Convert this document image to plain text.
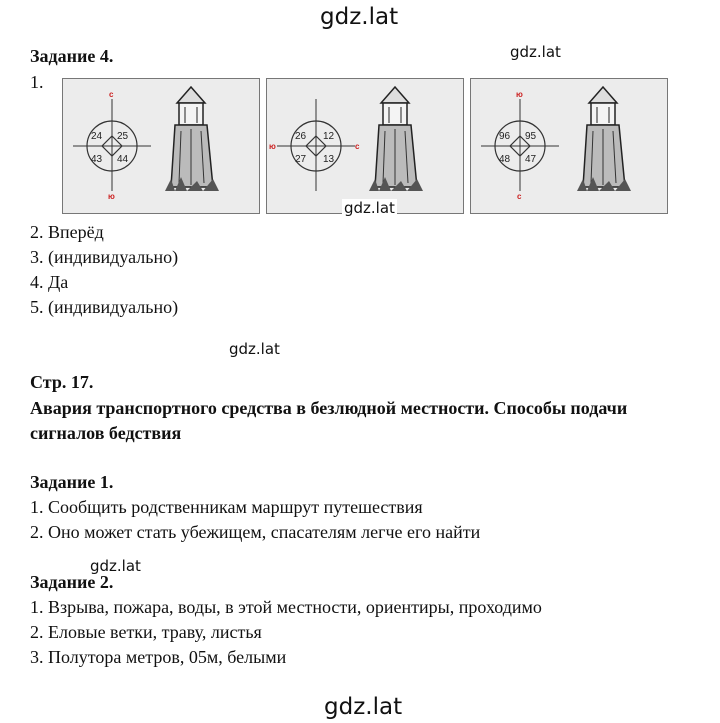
gdz.lat
gdz.lat
Задание 4.
1.
24 25
43 44
с
ю
26 12
27 13
ю	с
96 95
48 47
ю
с
gdz.lat
2. Вперёд
3. (индивидуально)
4. Да
5. (индивидуально)
gdz.lat
Стр. 17.
Авария транспортного средства в безлюдной местности. Способы подачи
сигналов бедствия
Задание 1.
1. Сообщить родственникам маршрут путешествия
2. Оно может стать убежищем, спасателям легче его найти
gdz.lat
Задание 2.
1. Взрыва, пожара, воды, в этой местности, ориентиры, проходимо
2. Еловые ветки, траву, листья
3. Полутора метров, 05м, белыми
gdz.lat
